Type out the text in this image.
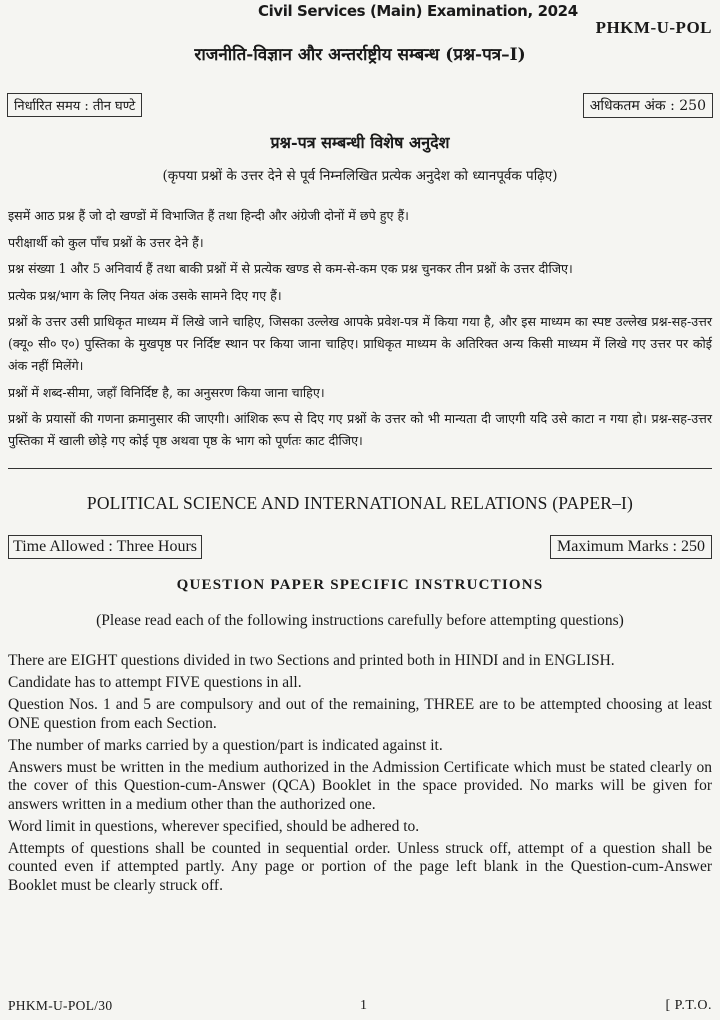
Civil Services (Main) Examination, 2024
PHKM-U-POL
राजनीति-विज्ञान और अन्तर्राष्ट्रीय सम्बन्ध (प्रश्न-पत्र–I)
निर्धारित समय : तीन घण्टे	अधिकतम अंक : 250
प्रश्न-पत्र सम्बन्धी विशेष अनुदेश
(कृपया प्रश्नों के उत्तर देने से पूर्व निम्नलिखित प्रत्येक अनुदेश को ध्यानपूर्वक पढ़िए)

इसमें आठ प्रश्न हैं जो दो खण्डों में विभाजित हैं तथा हिन्दी और अंग्रेजी दोनों में छपे हुए हैं।

परीक्षार्थी को कुल पाँच प्रश्नों के उत्तर देने हैं।

प्रश्न संख्या 1 और 5 अनिवार्य हैं तथा बाकी प्रश्नों में से प्रत्येक खण्ड से कम-से-कम एक प्रश्न चुनकर तीन प्रश्नों के उत्तर दीजिए।

प्रत्येक प्रश्न/भाग के लिए नियत अंक उसके सामने दिए गए हैं।

प्रश्नों के उत्तर उसी प्राधिकृत माध्यम में लिखे जाने चाहिए, जिसका उल्लेख आपके प्रवेश-पत्र में किया गया है, और इस माध्यम का स्पष्ट उल्लेख प्रश्न-सह-उत्तर (क्यू० सी० ए०) पुस्तिका के मुखपृष्ठ पर निर्दिष्ट स्थान पर किया जाना चाहिए। प्राधिकृत माध्यम के अतिरिक्त अन्य किसी माध्यम में लिखे गए उत्तर पर कोई अंक नहीं मिलेंगे।

प्रश्नों में शब्द-सीमा, जहाँ विनिर्दिष्ट है, का अनुसरण किया जाना चाहिए।

प्रश्नों के प्रयासों की गणना क्रमानुसार की जाएगी। आंशिक रूप से दिए गए प्रश्नों के उत्तर को भी मान्यता दी जाएगी यदि उसे काटा न गया हो। प्रश्न-सह-उत्तर पुस्तिका में खाली छोड़े गए कोई पृष्ठ अथवा पृष्ठ के भाग को पूर्णतः काट दीजिए।

POLITICAL SCIENCE AND INTERNATIONAL RELATIONS (PAPER–I)
Time Allowed : Three Hours	Maximum Marks : 250
QUESTION PAPER SPECIFIC INSTRUCTIONS
(Please read each of the following instructions carefully before attempting questions)

There are EIGHT questions divided in two Sections and printed both in HINDI and in ENGLISH.

Candidate has to attempt FIVE questions in all.

Question Nos. 1 and 5 are compulsory and out of the remaining, THREE are to be attempted choosing at least ONE question from each Section.

The number of marks carried by a question/part is indicated against it.

Answers must be written in the medium authorized in the Admission Certificate which must be stated clearly on the cover of this Question-cum-Answer (QCA) Booklet in the space provided. No marks will be given for answers written in a medium other than the authorized one.

Word limit in questions, wherever specified, should be adhered to.

Attempts of questions shall be counted in sequential order. Unless struck off, attempt of a question shall be counted even if attempted partly. Any page or portion of the page left blank in the Question-cum-Answer Booklet must be clearly struck off.

PHKM-U-POL/30	1	[ P.T.O.
